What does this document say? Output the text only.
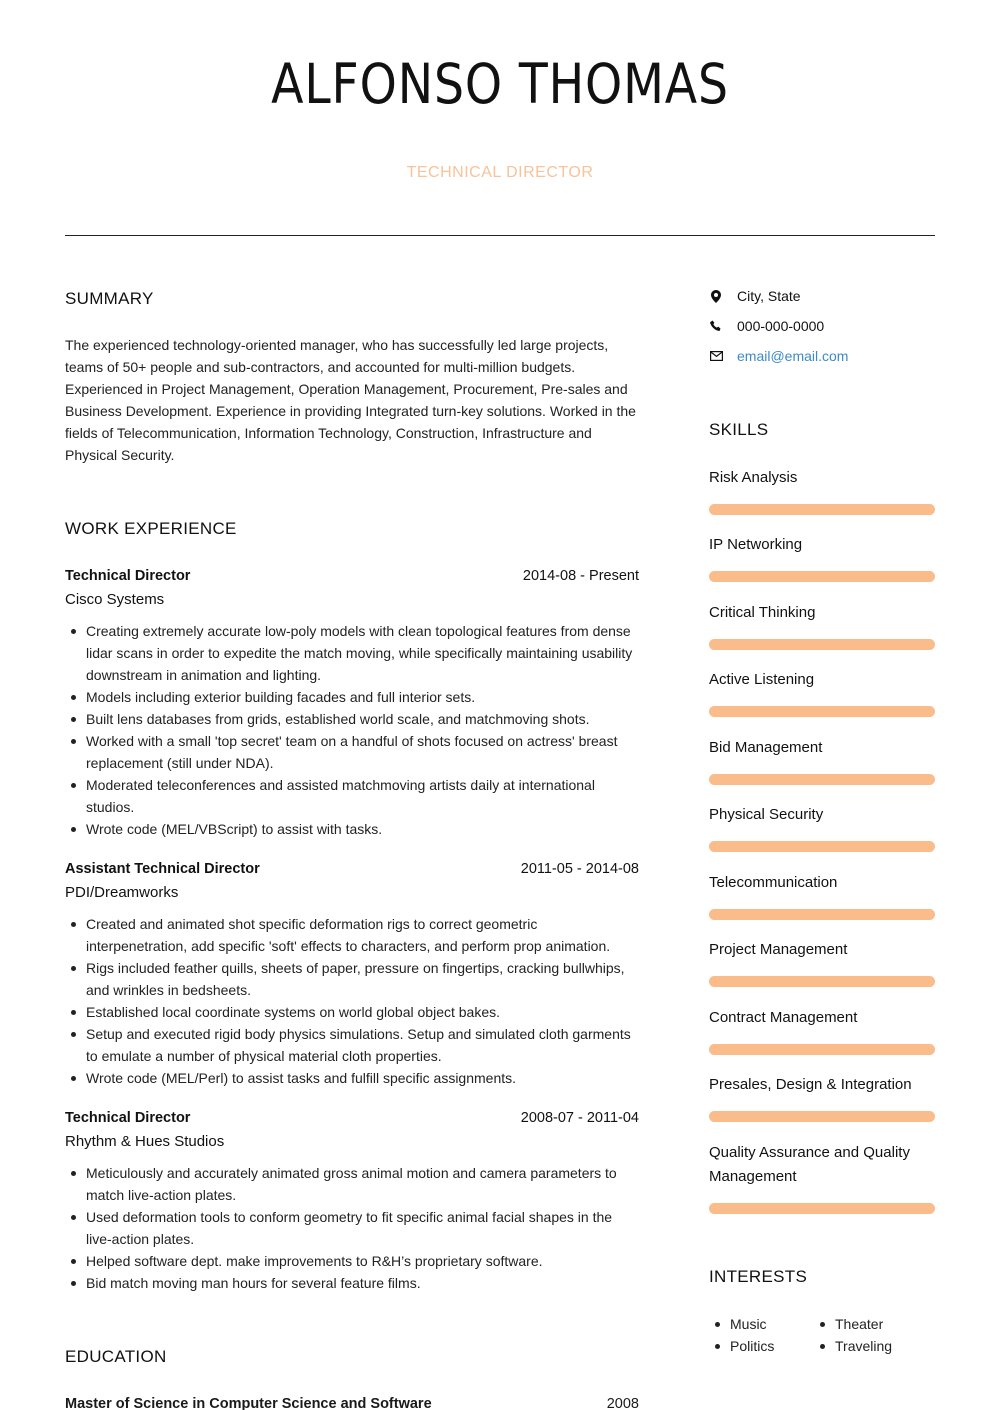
ALFONSO THOMAS
TECHNICAL DIRECTOR
SUMMARY
The experienced technology-oriented manager, who has successfully led large projects, teams of 50+ people and sub-contractors, and accounted for multi-million budgets. Experienced in Project Management, Operation Management, Procurement, Pre-sales and Business Development. Experience in providing Integrated turn-key solutions. Worked in the fields of Telecommunication, Information Technology, Construction, Infrastructure and Physical Security.
WORK EXPERIENCE
Technical Director	2014-08 - Present
Cisco Systems
Creating extremely accurate low-poly models with clean topological features from dense lidar scans in order to expedite the match moving, while specifically maintaining usability downstream in animation and lighting.
Models including exterior building facades and full interior sets.
Built lens databases from grids, established world scale, and matchmoving shots.
Worked with a small 'top secret' team on a handful of shots focused on actress' breast replacement (still under NDA).
Moderated teleconferences and assisted matchmoving artists daily at international studios.
Wrote code (MEL/VBScript) to assist with tasks.
Assistant Technical Director	2011-05 - 2014-08
PDI/Dreamworks
Created and animated shot specific deformation rigs to correct geometric interpenetration, add specific 'soft' effects to characters, and perform prop animation.
Rigs included feather quills, sheets of paper, pressure on fingertips, cracking bullwhips, and wrinkles in bedsheets.
Established local coordinate systems on world global object bakes.
Setup and executed rigid body physics simulations. Setup and simulated cloth garments to emulate a number of physical material cloth properties.
Wrote code (MEL/Perl) to assist tasks and fulfill specific assignments.
Technical Director	2008-07 - 2011-04
Rhythm & Hues Studios
Meticulously and accurately animated gross animal motion and camera parameters to match live-action plates.
Used deformation tools to conform geometry to fit specific animal facial shapes in the live-action plates.
Helped software dept. make improvements to R&H’s proprietary software.
Bid match moving man hours for several feature films.
EDUCATION
Master of Science in Computer Science and Software	2008
City, State
000-000-0000
email@email.com
SKILLS
Risk Analysis
IP Networking
Critical Thinking
Active Listening
Bid Management
Physical Security
Telecommunication
Project Management
Contract Management
Presales, Design & Integration
Quality Assurance and Quality Management
INTERESTS
Music
Politics
Theater
Traveling
